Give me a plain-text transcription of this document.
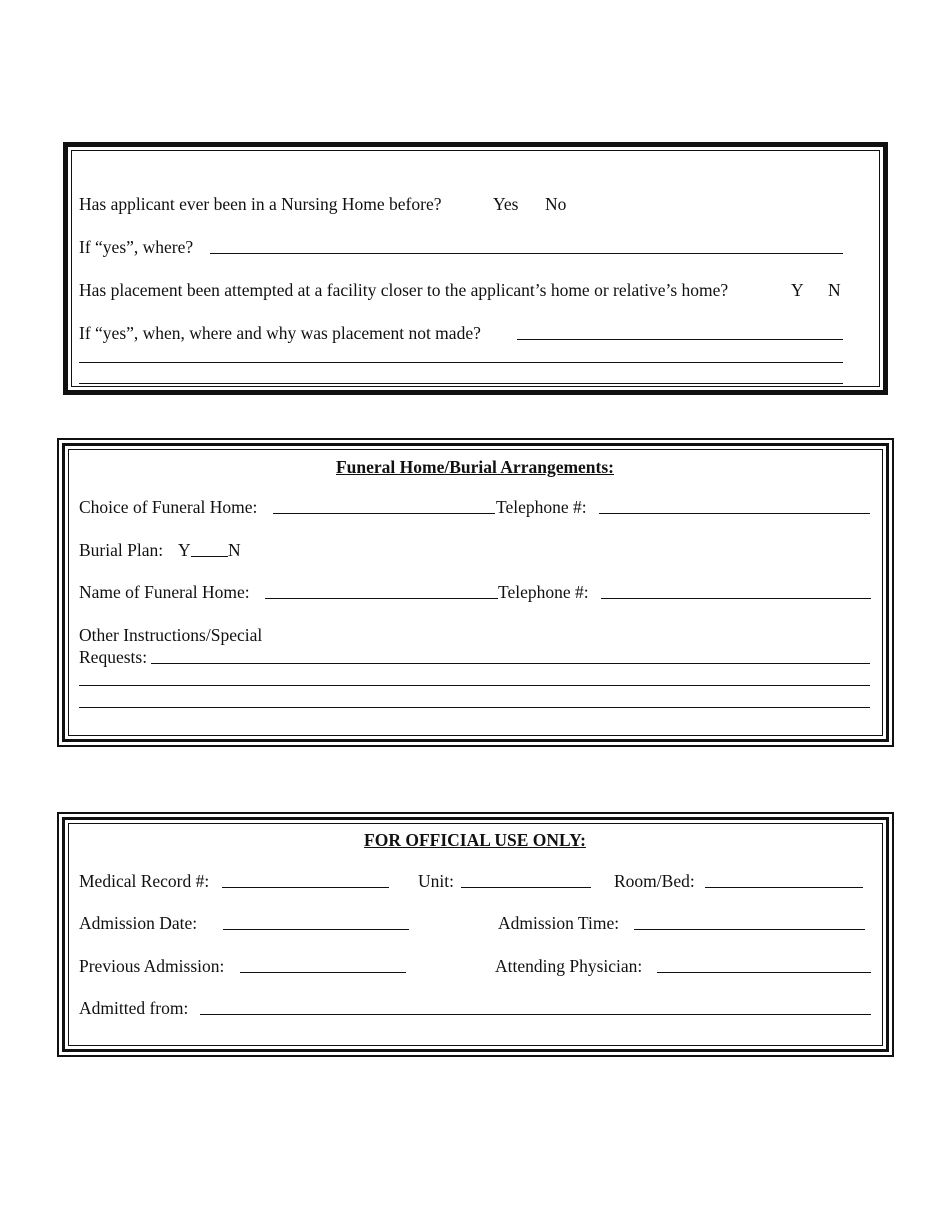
Has applicant ever been in a Nursing Home before?	Yes No
If “yes”, where?
Has placement been attempted at a facility closer to the applicant’s home or relative’s home?	Y N
If “yes”, when, where and why was placement not made?
Funeral Home/Burial Arrangements:
Choice of Funeral Home:	Telephone #:
Burial Plan: Y N
Name of Funeral Home:	Telephone #:
Other Instructions/Special
Requests:
FOR OFFICIAL USE ONLY:
Medical Record #:	Unit:	Room/Bed:
Admission Date:	Admission Time:
Previous Admission:	Attending Physician:
Admitted from:
